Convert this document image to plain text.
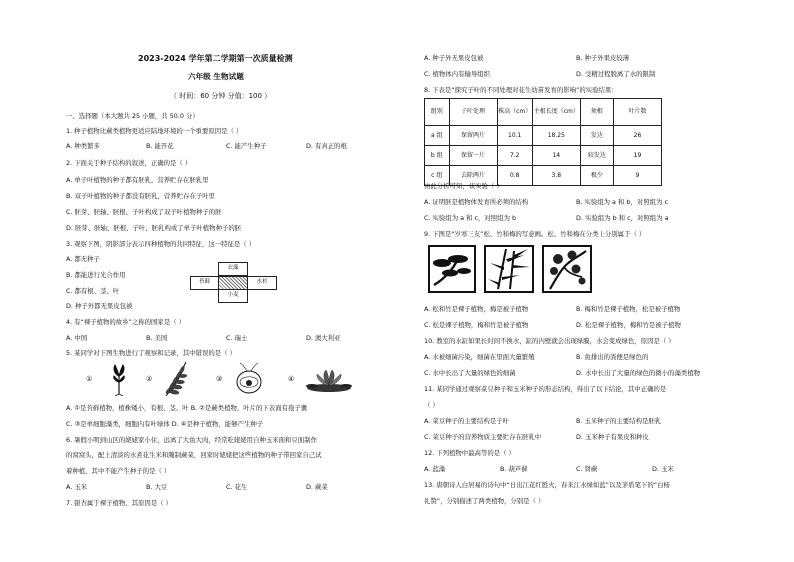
2023-2024 学年第二学期第一次质量检测
六年级 生物试题
（ 时间：60 分钟 分值：100 ）
一、选择题（本大题共 25 小题，共 50.0 分）
1. 种子植物比蕨类植物更适应陆地环境的一个重要原因是（ ）
A. 种类繁多	B. 能开花	C. 能产生种子	D. 有真正的根
2. 下面关于种子结构的叙述，正确的是（ ）
A. 单子叶植物的种子都有胚乳，营养贮存在胚乳里
B. 双子叶植物的种子都没有胚乳，营养贮存在子叶里
C. 胚芽、胚轴、胚根、子叶构成了双子叶植物种子的胚
D. 胚芽、胚轴、胚根、子叶、胚乳构成了单子叶植物种子的胚
3. 观察下图，阴影部分表示四种植物的共同特征，这一特征是（ ）
A. 都无种子
B. 都能进行光合作用
C. 都有根、茎、叶
D. 种子外都无果皮包被
衣藻
苔藓	水杉
小麦
4. 有“裸子植物的故乡”之称的国家是（ ）
A. 中国	B. 美国	C. 瑞士	D. 澳大利亚
5. 某同学对下图生物进行了观察和记录，其中错误的是（ ）
①	②	③	④
A. ①是苔藓植物，植株矮小，有根、茎、叶 B. ②是蕨类植物，叶片的下表面有孢子囊
C. ③是单细胞藻类，细胞内有叶绿体 D. ④是种子植物，能够产生种子
6. 暑假小明到山区的姥姥家小住，远离了大鱼大肉，经常吃姥姥用自种玉米面和豆面制作
的窝窝头，配上清淡的水煮花生米和腌制蕨菜，回家时姥姥把这些植物的种子带回家自己试
着种植，其中不能产生种子的是（ ）
A. 玉米	B. 大豆	C. 花生	D. 蕨菜
7. 银杏属于裸子植物，其原因是（ ）
A. 种子外无果皮包被	B. 种子外果皮较薄
C. 植物体内有输导组织	D. 受精过程脱离了水的限制
8. 下表是“探究子叶的不同处理对花生幼苗发育的影响”的实验结果：
组别	子叶处理	株高（cm）	主根长度（cm）	须根	叶片数
a 组	保留两片	10.1	18.25	发达	26
b 组	保留一片	7.2	14	较发达	19
c 组	去除两片	0.8	3.8	极少	9
由此分析可知，该实验（ ）
A. 证明胚是植物体发育所必须的结构	B. 实验组为 a 和 b，对照组为 c
C. 实验组为 a 和 c，对照组为 b	D. 实验组为 b 和 c，对照组为 a
9. 下图是“岁寒三友”松、竹和梅的写意画。松、竹和梅在分类上分别属于（ ）
A. 松和竹是裸子植物，梅是被子植物	B. 梅和竹是裸子植物，松是被子植物
C. 松是裸子植物，梅和竹是被子植物	D. 松是裸子植物，梅和竹是被子植物
10. 教室的水缸如果长时间不换水，缸的内壁就会出现绿膜，水会变成绿色，原因是（ ）
A. 水被细菌污染，细菌在里面大量繁殖	B. 鱼排出的粪便是绿色的
C. 水中长出了大量的绿色的细菌	D. 水中长出了大量的绿色的微小的藻类植物
11. 某同学通过观察菜豆种子和玉米种子的形态结构，得出了以下结论，其中正确的是
（ ）
A. 菜豆种子的主要结构是子叶	B. 玉米种子的主要结构是胚乳
C. 菜豆种子的营养物质主要贮存在胚乳中	D. 玉米种子有果皮和种皮
12. 下列植物中最高等的是（ ）
A. 蓝藻	B. 葫芦藓	C. 肾蕨	D. 玉米
13. 唐朝诗人白居易的诗句中“日出江花红胜火，春来江水绿如蓝”以及茅盾笔下的“白杨
礼赞”，分别描述了两类植物，分别是（ ）
